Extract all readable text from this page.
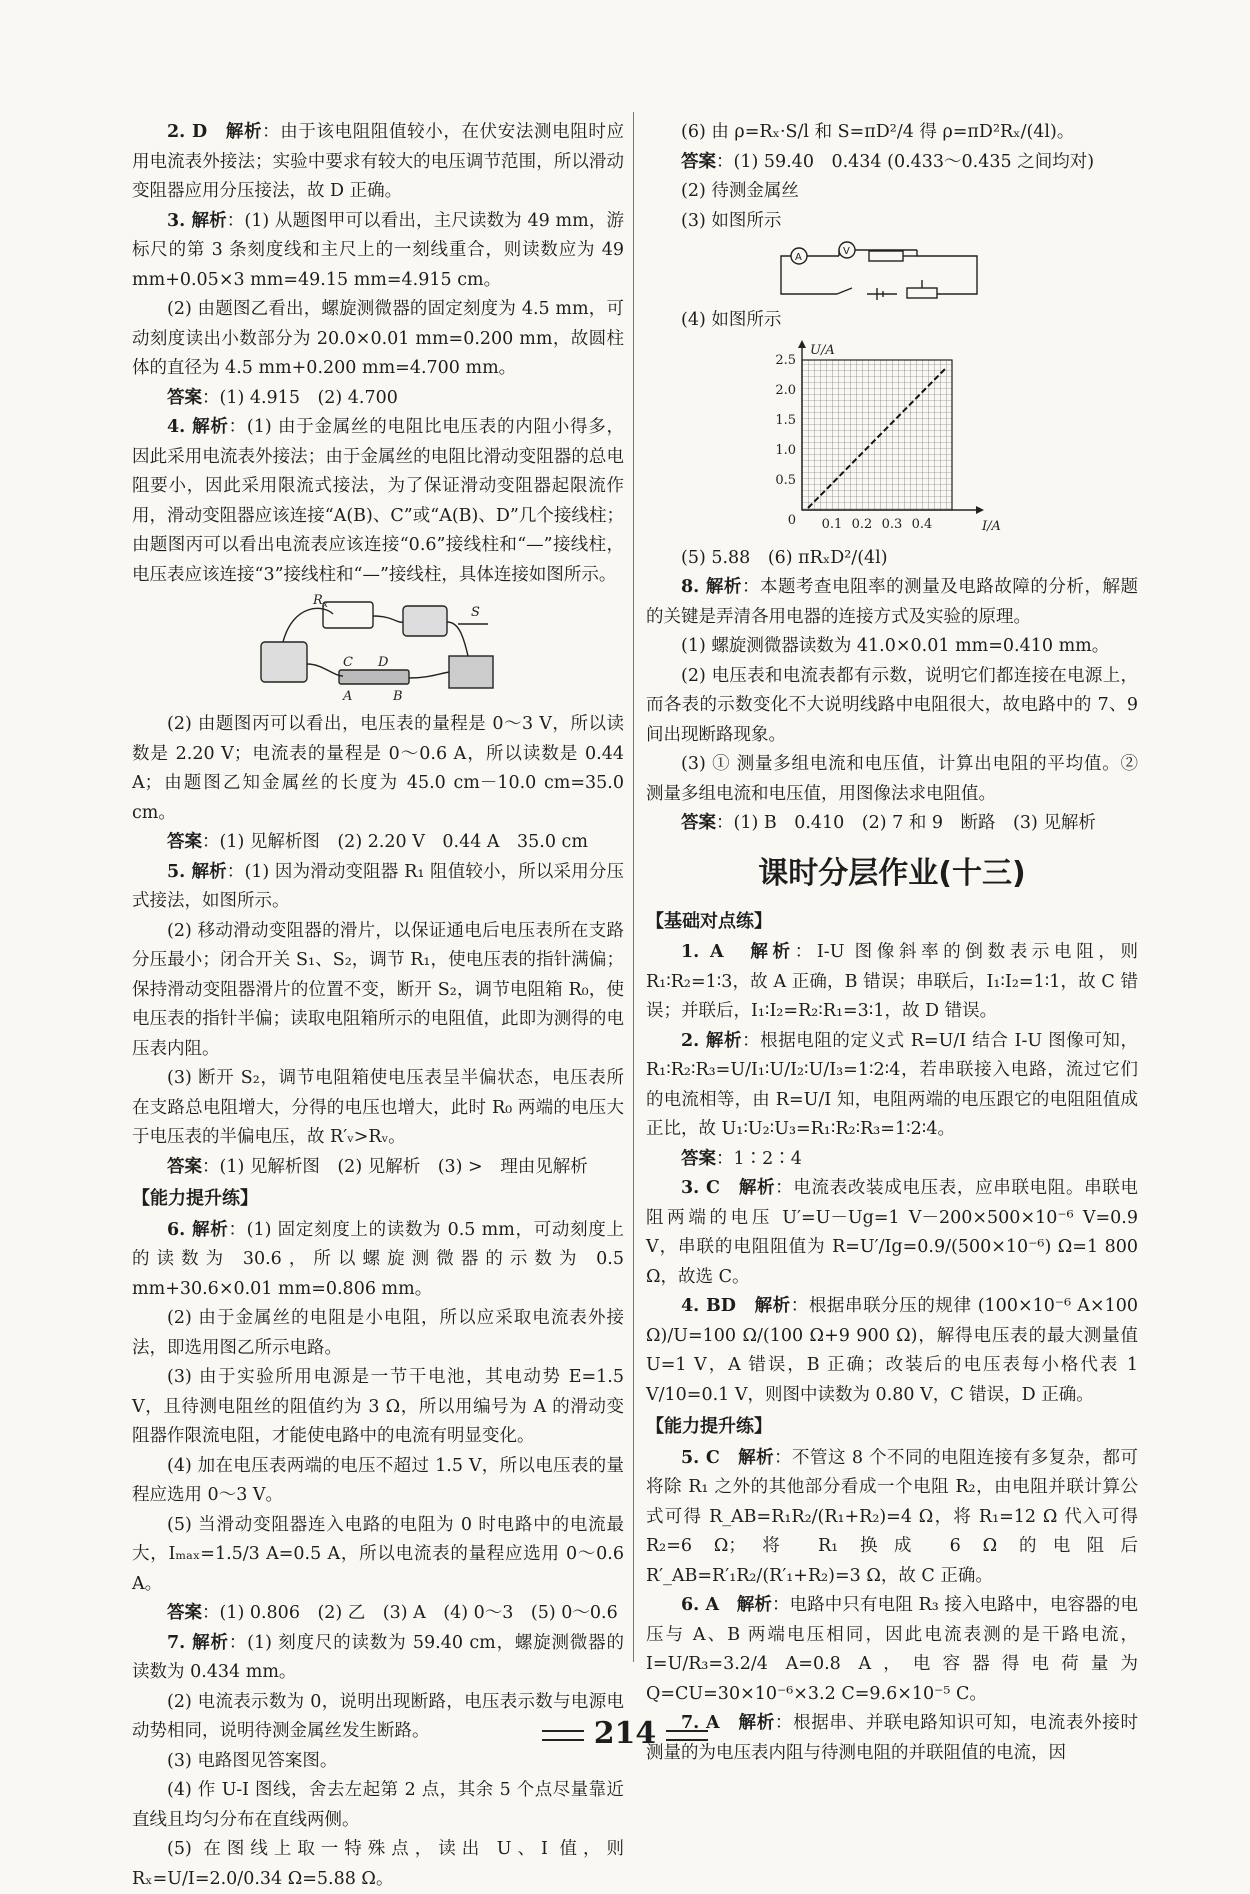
2. D　解析：由于该电阻阻值较小，在伏安法测电阻时应用电流表外接法；实验中要求有较大的电压调节范围，所以滑动变阻器应用分压接法，故 D 正确。

3. 解析：(1) 从题图甲可以看出，主尺读数为 49 mm，游标尺的第 3 条刻度线和主尺上的一刻线重合，则读数应为 49 mm+0.05×3 mm=49.15 mm=4.915 cm。

(2) 由题图乙看出，螺旋测微器的固定刻度为 4.5 mm，可动刻度读出小数部分为 20.0×0.01 mm=0.200 mm，故圆柱体的直径为 4.5 mm+0.200 mm=4.700 mm。

答案：(1) 4.915　(2) 4.700

4. 解析：(1) 由于金属丝的电阻比电压表的内阻小得多，因此采用电流表外接法；由于金属丝的电阻比滑动变阻器的总电阻要小，因此采用限流式接法，为了保证滑动变阻器起限流作用，滑动变阻器应该连接“A(B)、C”或“A(B)、D”几个接线柱；由题图丙可以看出电流表应该连接“0.6”接线柱和“—”接线柱，电压表应该连接“3”接线柱和“—”接线柱，具体连接如图所示。

$R_x$
C D
A	B
S

(2) 由题图丙可以看出，电压表的量程是 0～3 V，所以读数是 2.20 V；电流表的量程是 0～0.6 A，所以读数是 0.44 A；由题图乙知金属丝的长度为 45.0 cm－10.0 cm=35.0 cm。

答案：(1) 见解析图　(2) 2.20 V　0.44 A　35.0 cm

5. 解析：(1) 因为滑动变阻器 R₁ 阻值较小，所以采用分压式接法，如图所示。

(2) 移动滑动变阻器的滑片，以保证通电后电压表所在支路分压最小；闭合开关 S₁、S₂，调节 R₁，使电压表的指针满偏；保持滑动变阻器滑片的位置不变，断开 S₂，调节电阻箱 R₀，使电压表的指针半偏；读取电阻箱所示的电阻值，此即为测得的电压表内阻。

(3) 断开 S₂，调节电阻箱使电压表呈半偏状态，电压表所在支路总电阻增大，分得的电压也增大，此时 R₀ 两端的电压大于电压表的半偏电压，故 R′ᵥ>Rᵥ。

答案：(1) 见解析图　(2) 见解析　(3) >　理由见解析

【能力提升练】

6. 解析：(1) 固定刻度上的读数为 0.5 mm，可动刻度上的读数为 30.6，所以螺旋测微器的示数为 0.5 mm+30.6×0.01 mm=0.806 mm。

(2) 由于金属丝的电阻是小电阻，所以应采取电流表外接法，即选用图乙所示电路。

(3) 由于实验所用电源是一节干电池，其电动势 E=1.5 V，且待测电阻丝的阻值约为 3 Ω，所以用编号为 A 的滑动变阻器作限流电阻，才能使电路中的电流有明显变化。

(4) 加在电压表两端的电压不超过 1.5 V，所以电压表的量程应选用 0～3 V。

(5) 当滑动变阻器连入电路的电阻为 0 时电路中的电流最大，Iₘₐₓ=1.5/3 A=0.5 A，所以电流表的量程应选用 0～0.6 A。

答案：(1) 0.806　(2) 乙　(3) A　(4) 0～3　(5) 0～0.6

7. 解析：(1) 刻度尺的读数为 59.40 cm，螺旋测微器的读数为 0.434 mm。

(2) 电流表示数为 0，说明出现断路，电压表示数与电源电动势相同，说明待测金属丝发生断路。

(3) 电路图见答案图。

(4) 作 U-I 图线，舍去左起第 2 点，其余 5 个点尽量靠近直线且均匀分布在直线两侧。

(5) 在图线上取一特殊点，读出 U、I 值，则 Rₓ=U/I=2.0/0.34 Ω=5.88 Ω。

(6) 由 ρ=Rₓ·S/l 和 S=πD²/4 得 ρ=πD²Rₓ/(4l)。

答案：(1) 59.40　0.434 (0.433～0.435 之间均对)

(2) 待测金属丝

(3) 如图所示

A
V

(4) 如图所示

0.5
1.0
1.5
2.0
2.5
0.1 0.2 0.3 0.4
0
U/A
I/A

(5) 5.88　(6) πRₓD²/(4l)

8. 解析：本题考查电阻率的测量及电路故障的分析，解题的关键是弄清各用电器的连接方式及实验的原理。

(1) 螺旋测微器读数为 41.0×0.01 mm=0.410 mm。

(2) 电压表和电流表都有示数，说明它们都连接在电源上，而各表的示数变化不大说明线路中电阻很大，故电路中的 7、9 间出现断路现象。

(3) ① 测量多组电流和电压值，计算出电阻的平均值。② 测量多组电流和电压值，用图像法求电阻值。

答案：(1) B　0.410　(2) 7 和 9　断路　(3) 见解析

课时分层作业(十三)
【基础对点练】

1. A　解析：I-U 图像斜率的倒数表示电阻，则 R₁∶R₂=1∶3，故 A 正确，B 错误；串联后，I₁∶I₂=1∶1，故 C 错误；并联后，I₁∶I₂=R₂∶R₁=3∶1，故 D 错误。

2. 解析：根据电阻的定义式 R=U/I 结合 I-U 图像可知，R₁∶R₂∶R₃=U/I₁∶U/I₂∶U/I₃=1∶2∶4，若串联接入电路，流过它们的电流相等，由 R=U/I 知，电阻两端的电压跟它的电阻阻值成正比，故 U₁∶U₂∶U₃=R₁∶R₂∶R₃=1∶2∶4。

答案：1∶2∶4

3. C　解析：电流表改装成电压表，应串联电阻。串联电阻两端的电压 U′=U－Ug=1 V－200×500×10⁻⁶ V=0.9 V，串联的电阻阻值为 R=U′/Ig=0.9/(500×10⁻⁶) Ω=1 800 Ω，故选 C。

4. BD　解析：根据串联分压的规律 (100×10⁻⁶ A×100 Ω)/U=100 Ω/(100 Ω+9 900 Ω)，解得电压表的最大测量值 U=1 V，A 错误，B 正确；改装后的电压表每小格代表 1 V/10=0.1 V，则图中读数为 0.80 V，C 错误，D 正确。

【能力提升练】

5. C　解析：不管这 8 个不同的电阻连接有多复杂，都可将除 R₁ 之外的其他部分看成一个电阻 R₂，由电阻并联计算公式可得 R_AB=R₁R₂/(R₁+R₂)=4 Ω，将 R₁=12 Ω 代入可得 R₂=6 Ω；将 R₁ 换成 6 Ω 的电阻后 R′_AB=R′₁R₂/(R′₁+R₂)=3 Ω，故 C 正确。

6. A　解析：电路中只有电阻 R₃ 接入电路中，电容器的电压与 A、B 两端电压相同，因此电流表测的是干路电流，I=U/R₃=3.2/4 A=0.8 A，电容器得电荷量为 Q=CU=30×10⁻⁶×3.2 C=9.6×10⁻⁵ C。

7. A　解析：根据串、并联电路知识可知，电流表外接时测量的为电压表内阻与待测电阻的并联阻值的电流，因

214
